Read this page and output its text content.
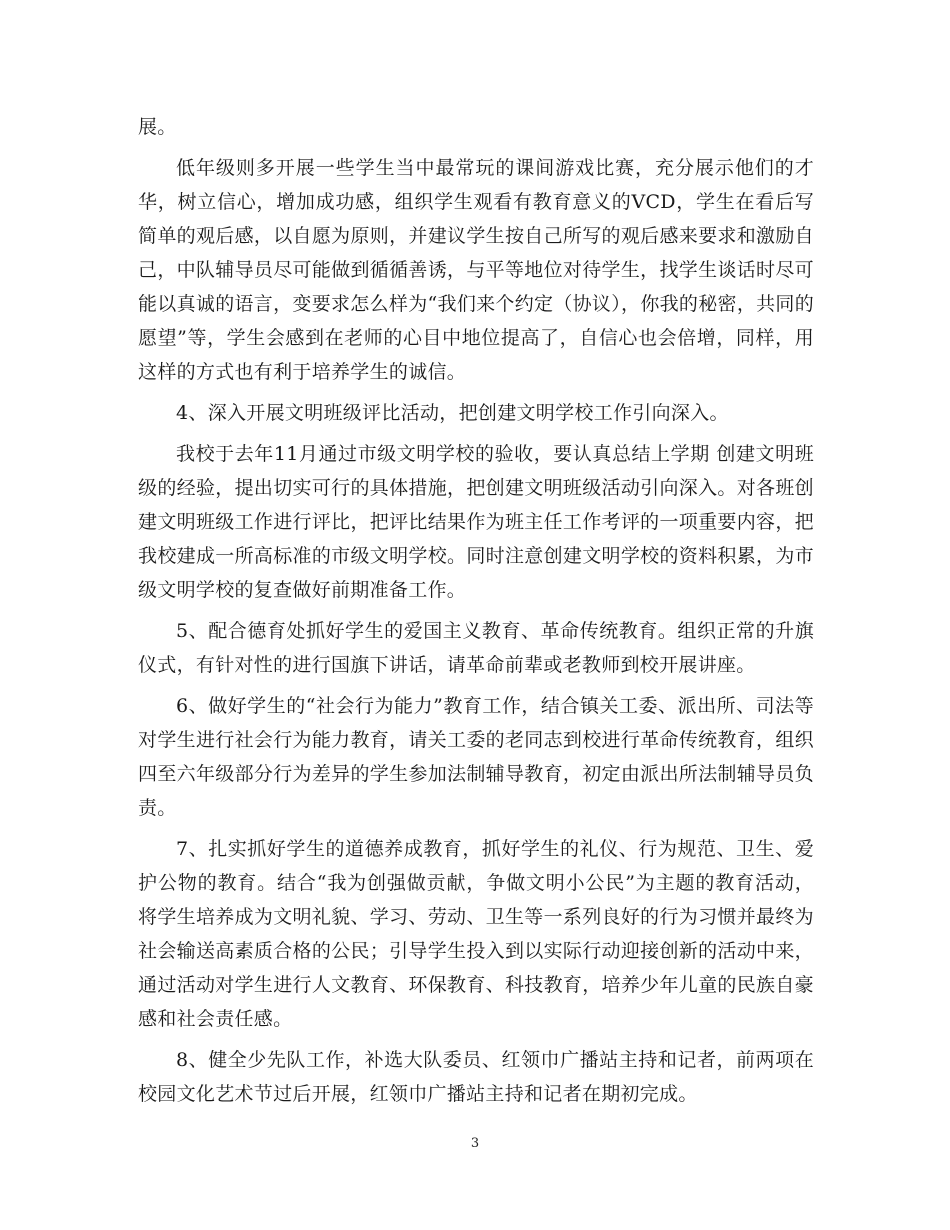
展。

低年级则多开展一些学生当中最常玩的课间游戏比赛，充分展示他们的才华，树立信心，增加成功感，组织学生观看有教育意义的VCD，学生在看后写简单的观后感，以自愿为原则，并建议学生按自己所写的观后感来要求和激励自己，中队辅导员尽可能做到循循善诱，与平等地位对待学生，找学生谈话时尽可能以真诚的语言，变要求怎么样为“我们来个约定（协议），你我的秘密，共同的愿望”等，学生会感到在老师的心目中地位提高了，自信心也会倍增，同样，用这样的方式也有利于培养学生的诚信。

4、深入开展文明班级评比活动，把创建文明学校工作引向深入。

我校于去年11月通过市级文明学校的验收，要认真总结上学期 创建文明班级的经验，提出切实可行的具体措施，把创建文明班级活动引向深入。对各班创建文明班级工作进行评比，把评比结果作为班主任工作考评的一项重要内容，把我校建成一所高标准的市级文明学校。同时注意创建文明学校的资料积累，为市级文明学校的复查做好前期准备工作。

5、配合德育处抓好学生的爱国主义教育、革命传统教育。组织正常的升旗仪式，有针对性的进行国旗下讲话，请革命前辈或老教师到校开展讲座。

6、做好学生的“社会行为能力”教育工作，结合镇关工委、派出所、司法等对学生进行社会行为能力教育，请关工委的老同志到校进行革命传统教育，组织四至六年级部分行为差异的学生参加法制辅导教育，初定由派出所法制辅导员负责。

7、扎实抓好学生的道德养成教育，抓好学生的礼仪、行为规范、卫生、爱护公物的教育。结合“我为创强做贡献，争做文明小公民”为主题的教育活动，将学生培养成为文明礼貌、学习、劳动、卫生等一系列良好的行为习惯并最终为社会输送高素质合格的公民；引导学生投入到以实际行动迎接创新的活动中来，通过活动对学生进行人文教育、环保教育、科技教育，培养少年儿童的民族自豪感和社会责任感。

8、健全少先队工作，补选大队委员、红领巾广播站主持和记者，前两项在校园文化艺术节过后开展，红领巾广播站主持和记者在期初完成。

3
